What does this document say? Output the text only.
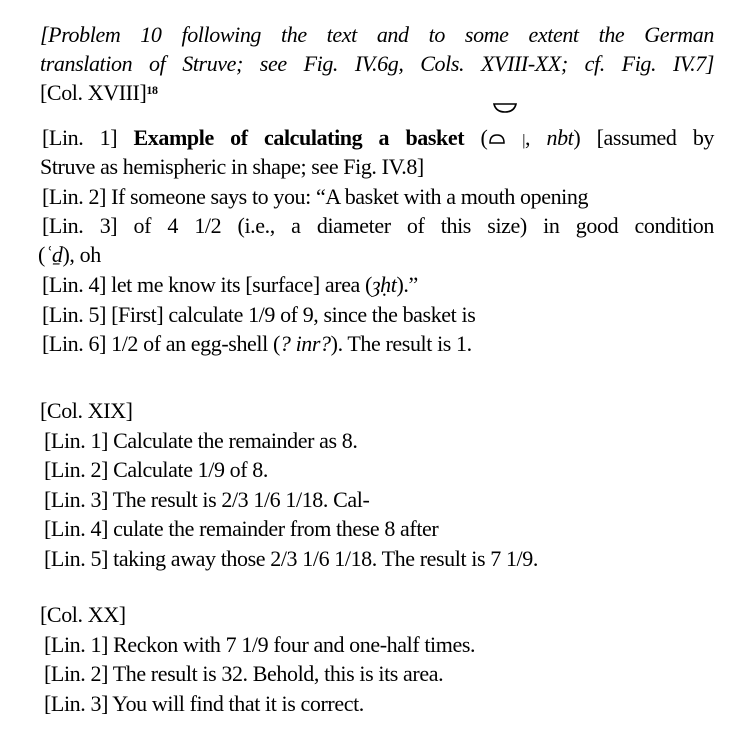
[Problem 10 following the text and to some extent the German
translation of Struve; see Fig. IV.6g, Cols. XVIII-XX; cf. Fig. IV.7]
[Col. XVIII]$^{18}$
[Lin. 1] Example of calculating a basket ( |, nbt) [assumed by
Struve as hemispheric in shape; see Fig. IV.8]
[Lin. 2] If someone says to you: “A basket with a mouth opening
[Lin. 3] of 4 1/2 (i.e., a diameter of this size) in good condition
(ʿḏ), oh
[Lin. 4] let me know its [surface] area (ȝḥt).”
[Lin. 5] [First] calculate 1/9 of 9, since the basket is
[Lin. 6] 1/2 of an egg-shell (? inr?). The result is 1.
[Col. XIX]
[Lin. 1] Calculate the remainder as 8.
[Lin. 2] Calculate 1/9 of 8.
[Lin. 3] The result is 2/3 1/6 1/18. Cal-
[Lin. 4] culate the remainder from these 8 after
[Lin. 5] taking away those 2/3 1/6 1/18. The result is 7 1/9.
[Col. XX]
[Lin. 1] Reckon with 7 1/9 four and one-half times.
[Lin. 2] The result is 32. Behold, this is its area.
[Lin. 3] You will find that it is correct.
